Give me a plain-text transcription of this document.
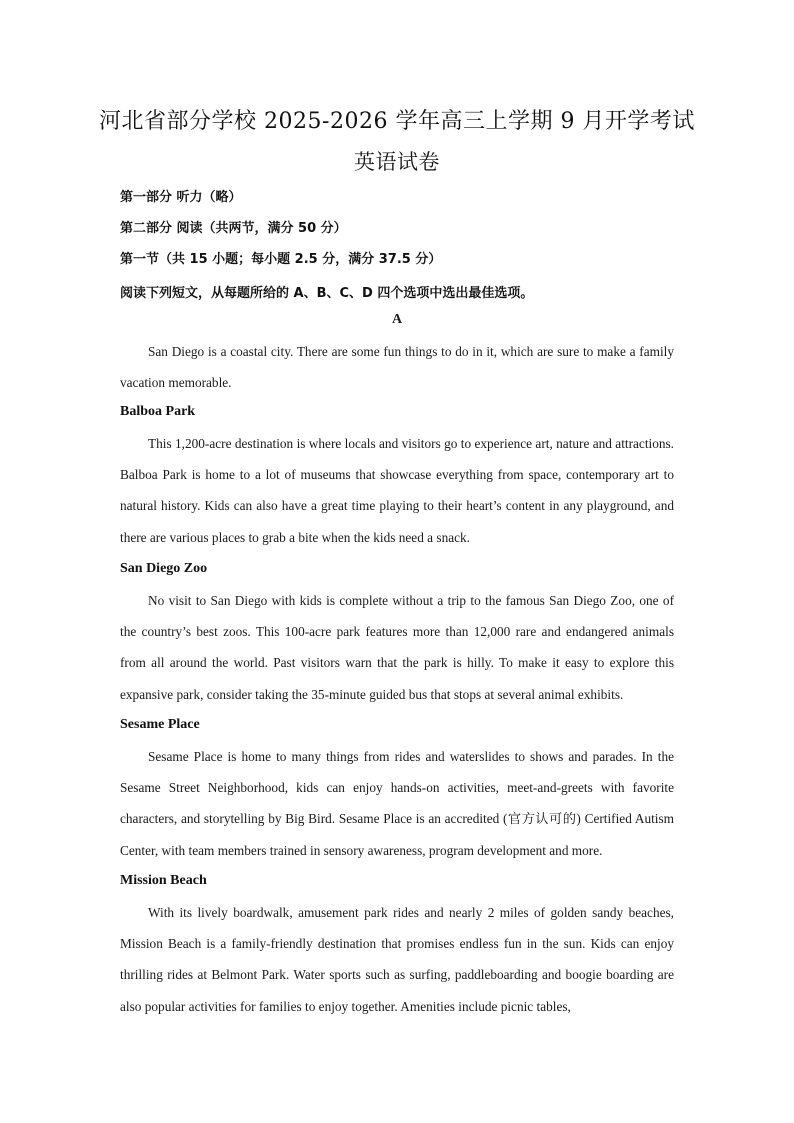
河北省部分学校 2025-2026 学年高三上学期 9 月开学考试
英语试卷
第一部分 听力（略）
第二部分 阅读（共两节，满分 50 分）
第一节（共 15 小题；每小题 2.5 分，满分 37.5 分）
阅读下列短文，从每题所给的 A、B、C、D 四个选项中选出最佳选项。
A
San Diego is a coastal city. There are some fun things to do in it, which are sure to make a family vacation memorable.
Balboa Park
This 1,200-acre destination is where locals and visitors go to experience art, nature and attractions. Balboa Park is home to a lot of museums that showcase everything from space, contemporary art to natural history. Kids can also have a great time playing to their heart’s content in any playground, and there are various places to grab a bite when the kids need a snack.
San Diego Zoo
No visit to San Diego with kids is complete without a trip to the famous San Diego Zoo, one of the country’s best zoos. This 100-acre park features more than 12,000 rare and endangered animals from all around the world. Past visitors warn that the park is hilly. To make it easy to explore this expansive park, consider taking the 35-minute guided bus that stops at several animal exhibits.
Sesame Place
Sesame Place is home to many things from rides and waterslides to shows and parades. In the Sesame Street Neighborhood, kids can enjoy hands-on activities, meet-and-greets with favorite characters, and storytelling by Big Bird. Sesame Place is an accredited (官方认可的) Certified Autism Center, with team members trained in sensory awareness, program development and more.
Mission Beach
With its lively boardwalk, amusement park rides and nearly 2 miles of golden sandy beaches, Mission Beach is a family-friendly destination that promises endless fun in the sun. Kids can enjoy thrilling rides at Belmont Park. Water sports such as surfing, paddleboarding and boogie boarding are also popular activities for families to enjoy together. Amenities include picnic tables,
